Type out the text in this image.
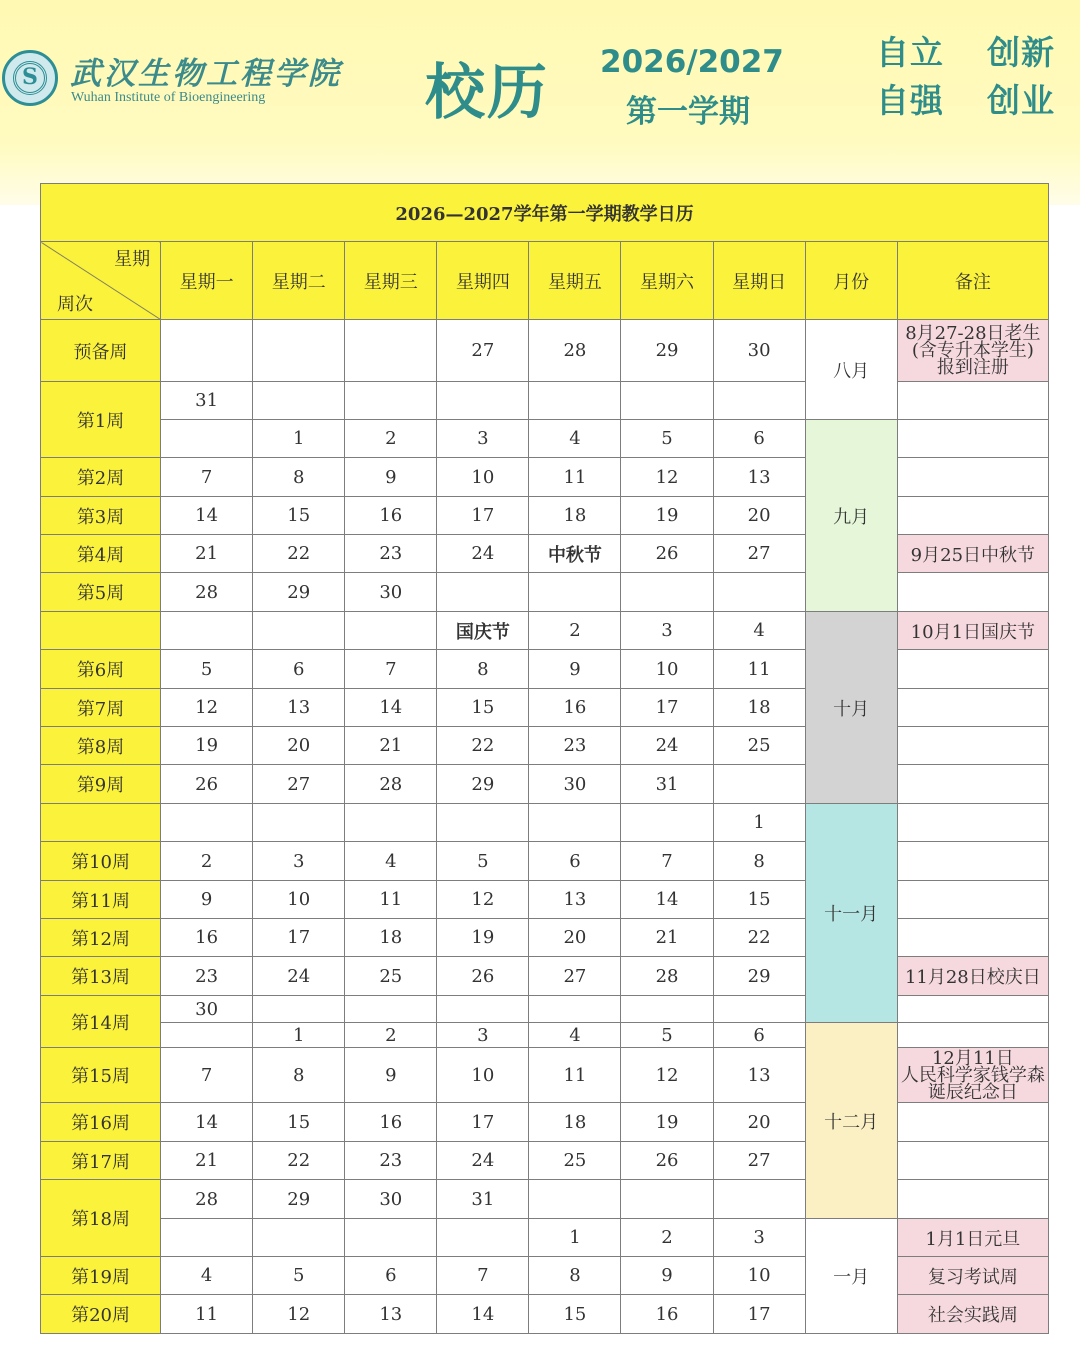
S 武汉生物工程学院
Wuhan Institute of Bioengineering	校历 2026/2027
第一学期
自立 创新
自强 创业
2026—2027学年第一学期教学日历									

星期
周次	星期一	星期二	星期三	星期四	星期五	星期六	星期日	月份	备注
预备周				27	28	29	30	八月	8月27-28日老生
(含专升本学生)
报到注册

第1周	31								
		1	2	3	4	5	6	九月	
第2周	7	8	9	10	11	12	13		
第3周	14	15	16	17	18	19	20		
第4周	21	22	23	24	中秋节	26	27		9月25日中秋节
第5周	28	29	30						
				国庆节	2	3	4	十月	10月1日国庆节
第6周	5	6	7	8	9	10	11		
第7周	12	13	14	15	16	17	18		
第8周	19	20	21	22	23	24	25		
第9周	26	27	28	29	30	31			
							1	十一月	
第10周	2	3	4	5	6	7	8		
第11周	9	10	11	12	13	14	15		
第12周	16	17	18	19	20	21	22		
第13周	23	24	25	26	27	28	29		11月28日校庆日
第14周	30								
		1	2	3	4	5	6	十二月	
第15周	7	8	9	10	11	12	13		12月11日
人民科学家钱学森
诞辰纪念日

第16周	14	15	16	17	18	19	20		
第17周	21	22	23	24	25	26	27		
第18周	28	29	30	31					
					1	2	3	一月	1月1日元旦
第19周	4	5	6	7	8	9	10		复习考试周
第20周	11	12	13	14	15	16	17		社会实践周
